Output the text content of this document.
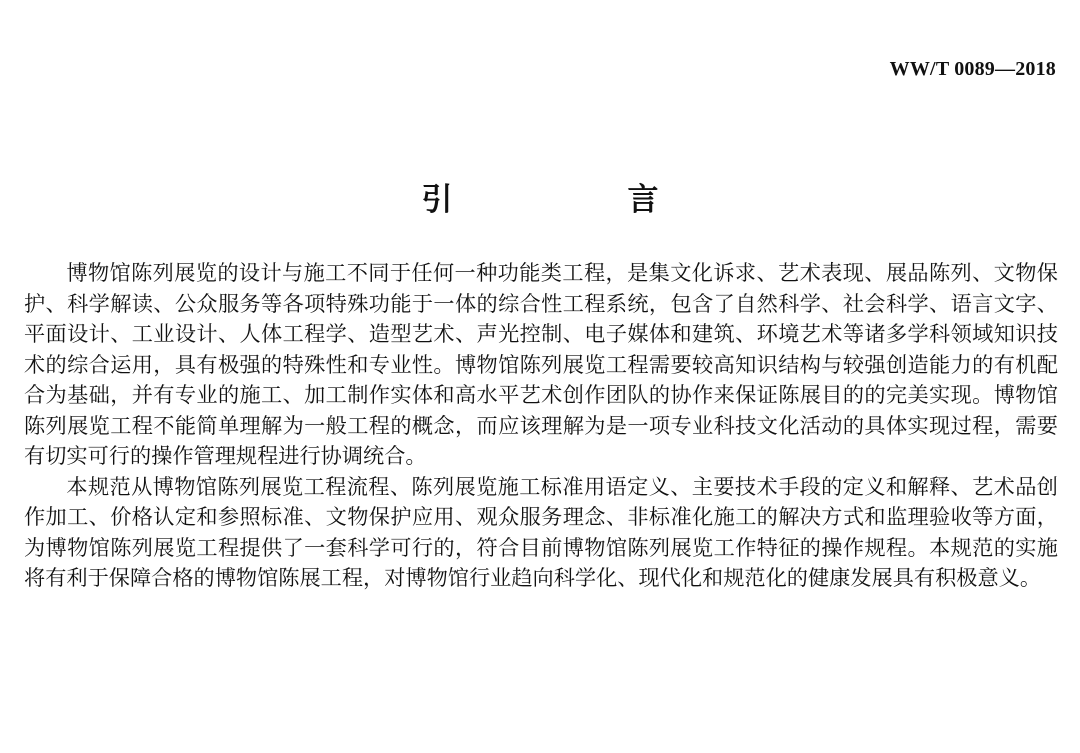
WW/T 0089—2018
引　言

博物馆陈列展览的设计与施工不同于任何一种功能类工程，是集文化诉求、艺术表现、展品陈列、文物保护、科学解读、公众服务等各项特殊功能于一体的综合性工程系统，包含了自然科学、社会科学、语言文字、平面设计、工业设计、人体工程学、造型艺术、声光控制、电子媒体和建筑、环境艺术等诸多学科领域知识技术的综合运用，具有极强的特殊性和专业性。博物馆陈列展览工程需要较高知识结构与较强创造能力的有机配合为基础，并有专业的施工、加工制作实体和高水平艺术创作团队的协作来保证陈展目的的完美实现。博物馆陈列展览工程不能简单理解为一般工程的概念，而应该理解为是一项专业科技文化活动的具体实现过程，需要有切实可行的操作管理规程进行协调统合。

本规范从博物馆陈列展览工程流程、陈列展览施工标准用语定义、主要技术手段的定义和解释、艺术品创作加工、价格认定和参照标准、文物保护应用、观众服务理念、非标准化施工的解决方式和监理验收等方面，为博物馆陈列展览工程提供了一套科学可行的，符合目前博物馆陈列展览工作特征的操作规程。本规范的实施将有利于保障合格的博物馆陈展工程，对博物馆行业趋向科学化、现代化和规范化的健康发展具有积极意义。
